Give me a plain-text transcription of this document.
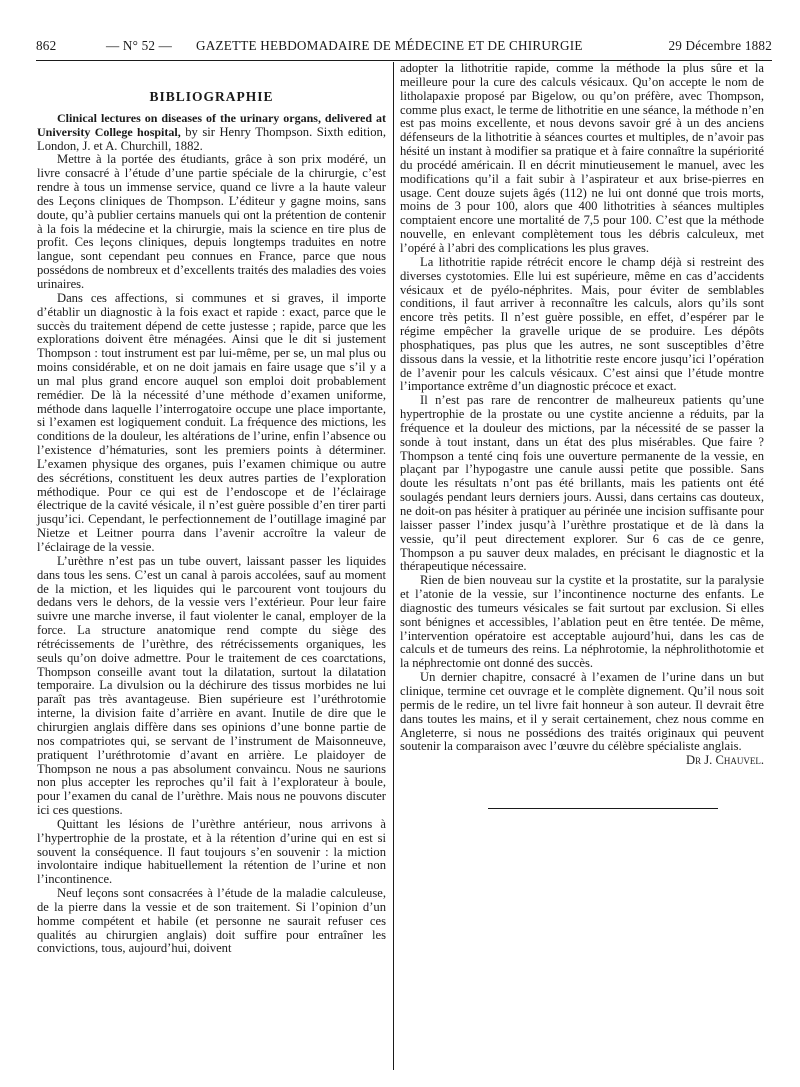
862	— N° 52 — GAZETTE HEBDOMADAIRE DE MÉDECINE ET DE CHIRURGIE	29 Décembre 1882
BIBLIOGRAPHIE

Clinical lectures on diseases of the urinary organs, delivered at University College hospital, by sir Henry Thompson. Sixth edition, London, J. et A. Churchill, 1882.

Mettre à la portée des étudiants, grâce à son prix modéré, un livre consacré à l’étude d’une partie spéciale de la chirurgie, c’est rendre à tous un immense service, quand ce livre a la haute valeur des Leçons cliniques de Thompson. L’éditeur y gagne moins, sans doute, qu’à publier certains manuels qui ont la prétention de contenir à la fois la médecine et la chirurgie, mais la science en tire plus de profit. Ces leçons cliniques, depuis longtemps traduites en notre langue, sont cependant peu connues en France, parce que nous possédons de nombreux et d’excellents traités des maladies des voies urinaires.

Dans ces affections, si communes et si graves, il importe d’établir un diagnostic à la fois exact et rapide : exact, parce que le succès du traitement dépend de cette justesse ; rapide, parce que les explorations doivent être ménagées. Ainsi que le dit si justement Thompson : tout instrument est par lui-même, per se, un mal plus ou moins considérable, et on ne doit jamais en faire usage que s’il y a un mal plus grand encore auquel son emploi doit probablement remédier. De là la nécessité d’une méthode d’examen uniforme, méthode dans laquelle l’interrogatoire occupe une place importante, si l’examen est logiquement conduit. La fréquence des mictions, les conditions de la douleur, les altérations de l’urine, enfin l’absence ou l’existence d’hématuries, sont les premiers points à déterminer. L’examen physique des organes, puis l’examen chimique ou autre des sécrétions, constituent les deux autres parties de l’exploration méthodique. Pour ce qui est de l’endoscope et de l’éclairage électrique de la cavité vésicale, il n’est guère possible d’en tirer parti jusqu’ici. Cependant, le perfectionnement de l’outillage imaginé par Nietze et Leitner pourra dans l’avenir accroître la valeur de l’éclairage de la vessie.

L’urèthre n’est pas un tube ouvert, laissant passer les liquides dans tous les sens. C’est un canal à parois accolées, sauf au moment de la miction, et les liquides qui le parcourent vont toujours du dedans vers le dehors, de la vessie vers l’extérieur. Pour leur faire suivre une marche inverse, il faut violenter le canal, employer de la force. La structure anatomique rend compte du siège des rétrécissements de l’urèthre, des rétrécissements organiques, les seuls qu’on doive admettre. Pour le traitement de ces coarctations, Thompson conseille avant tout la dilatation, surtout la dilatation temporaire. La divulsion ou la déchirure des tissus morbides ne lui paraît pas très avantageuse. Bien supérieure est l’uréthrotomie interne, la division faite d’arrière en avant. Inutile de dire que le chirurgien anglais diffère dans ses opinions d’une bonne partie de nos compatriotes qui, se servant de l’instrument de Maisonneuve, pratiquent l’uréthrotomie d’avant en arrière. Le plaidoyer de Thompson ne nous a pas absolument convaincu. Nous ne saurions non plus accepter les reproches qu’il fait à l’explorateur à boule, pour l’examen du canal de l’urèthre. Mais nous ne pouvons discuter ici ces questions.

Quittant les lésions de l’urèthre antérieur, nous arrivons à l’hypertrophie de la prostate, et à la rétention d’urine qui en est si souvent la conséquence. Il faut toujours s’en souvenir : la miction involontaire indique habituellement la rétention de l’urine et non l’incontinence.

Neuf leçons sont consacrées à l’étude de la maladie calculeuse, de la pierre dans la vessie et de son traitement. Si l’opinion d’un homme compétent et habile (et personne ne saurait refuser ces qualités au chirurgien anglais) doit suffire pour entraîner les convictions, tous, aujourd’hui, doivent

adopter la lithotritie rapide, comme la méthode la plus sûre et la meilleure pour la cure des calculs vésicaux. Qu’on accepte le nom de litholapaxie proposé par Bigelow, ou qu’on préfère, avec Thompson, comme plus exact, le terme de lithotritie en une séance, la méthode n’en est pas moins excellente, et nous devons savoir gré à un des anciens défenseurs de la lithotritie à séances courtes et multiples, de n’avoir pas hésité un instant à modifier sa pratique et à faire connaître la supériorité du procédé américain. Il en décrit minutieusement le manuel, avec les modifications qu’il a fait subir à l’aspirateur et aux brise-pierres en usage. Cent douze sujets âgés (112) ne lui ont donné que trois morts, moins de 3 pour 100, alors que 400 lithotrities à séances multiples comptaient encore une mortalité de 7,5 pour 100. C’est que la méthode nouvelle, en enlevant complètement tous les débris calculeux, met l’opéré à l’abri des complications les plus graves.

La lithotritie rapide rétrécit encore le champ déjà si restreint des diverses cystotomies. Elle lui est supérieure, même en cas d’accidents vésicaux et de pyélo-néphrites. Mais, pour éviter de semblables conditions, il faut arriver à reconnaître les calculs, alors qu’ils sont encore très petits. Il n’est guère possible, en effet, d’espérer par le régime empêcher la gravelle urique de se produire. Les dépôts phosphatiques, pas plus que les autres, ne sont susceptibles d’être dissous dans la vessie, et la lithotritie reste encore jusqu’ici l’opération de l’avenir pour les calculs vésicaux. C’est ainsi que l’étude montre l’importance extrême d’un diagnostic précoce et exact.

Il n’est pas rare de rencontrer de malheureux patients qu’une hypertrophie de la prostate ou une cystite ancienne a réduits, par la fréquence et la douleur des mictions, par la nécessité de se passer la sonde à tout instant, dans un état des plus misérables. Que faire ? Thompson a tenté cinq fois une ouverture permanente de la vessie, en plaçant par l’hypogastre une canule aussi petite que possible. Sans doute les résultats n’ont pas été brillants, mais les patients ont été soulagés pendant leurs derniers jours. Aussi, dans certains cas douteux, ne doit-on pas hésiter à pratiquer au périnée une incision suffisante pour laisser passer l’index jusqu’à l’urèthre prostatique et de là dans la vessie, qu’il peut directement explorer. Sur 6 cas de ce genre, Thompson a pu sauver deux malades, en précisant le diagnostic et la thérapeutique nécessaire.

Rien de bien nouveau sur la cystite et la prostatite, sur la paralysie et l’atonie de la vessie, sur l’incontinence nocturne des enfants. Le diagnostic des tumeurs vésicales se fait surtout par exclusion. Si elles sont bénignes et accessibles, l’ablation peut en être tentée. De même, l’intervention opératoire est acceptable aujourd’hui, dans les cas de calculs et de tumeurs des reins. La néphrotomie, la néphrolithotomie et la néphrectomie ont donné des succès.

Un dernier chapitre, consacré à l’examen de l’urine dans un but clinique, termine cet ouvrage et le complète dignement. Qu’il nous soit permis de le redire, un tel livre fait honneur à son auteur. Il devrait être dans toutes les mains, et il y serait certainement, chez nous comme en Angleterre, si nous ne possédions des traités originaux qui peuvent soutenir la comparaison avec l’œuvre du célèbre spécialiste anglais.

Dr J. Chauvel.
